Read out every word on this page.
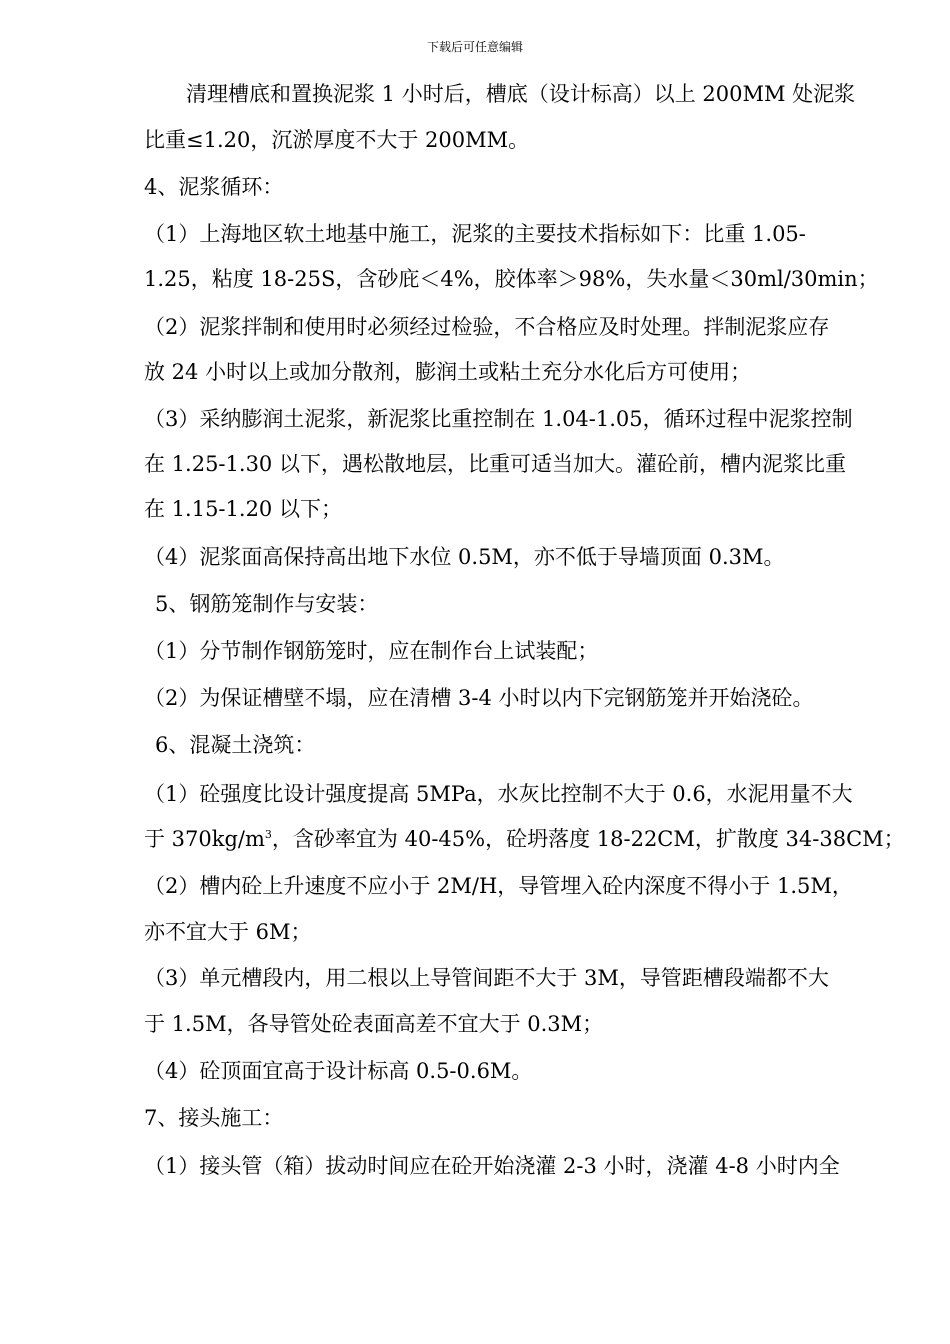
下载后可任意编辑
清理槽底和置换泥浆 1 小时后，槽底（设计标高）以上 200MM 处泥浆
比重≤1.20，沉淤厚度不大于 200MM。
4、泥浆循环：
（1）上海地区软土地基中施工，泥浆的主要技术指标如下：比重 1.05-
1.25，粘度 18-25S，含砂庇＜4%，胶体率＞98%，失水量＜30ml/30min；
（2）泥浆拌制和使用时必须经过检验，不合格应及时处理。拌制泥浆应存
放 24 小时以上或加分散剂，膨润土或粘土充分水化后方可使用；
（3）采纳膨润土泥浆，新泥浆比重控制在 1.04-1.05，循环过程中泥浆控制
在 1.25-1.30 以下，遇松散地层，比重可适当加大。灌砼前，槽内泥浆比重
在 1.15-1.20 以下；
（4）泥浆面高保持高出地下水位 0.5M，亦不低于导墙顶面 0.3M。
5、钢筋笼制作与安装：
（1）分节制作钢筋笼时，应在制作台上试装配；
（2）为保证槽壁不塌，应在清槽 3-4 小时以内下完钢筋笼并开始浇砼。
6、混凝土浇筑：
（1）砼强度比设计强度提高 5MPa，水灰比控制不大于 0.6，水泥用量不大
于 $370kg/m^3$，含砂率宜为 40-45%，砼坍落度 18-22CM，扩散度 34-38CM；
（2）槽内砼上升速度不应小于 2M/H，导管埋入砼内深度不得小于 1.5M，
亦不宜大于 6M；
（3）单元槽段内，用二根以上导管间距不大于 3M，导管距槽段端都不大
于 1.5M，各导管处砼表面高差不宜大于 0.3M；
（4）砼顶面宜高于设计标高 0.5-0.6M。
7、接头施工：
（1）接头管（箱）拔动时间应在砼开始浇灌 2-3 小时，浇灌 4-8 小时内全
